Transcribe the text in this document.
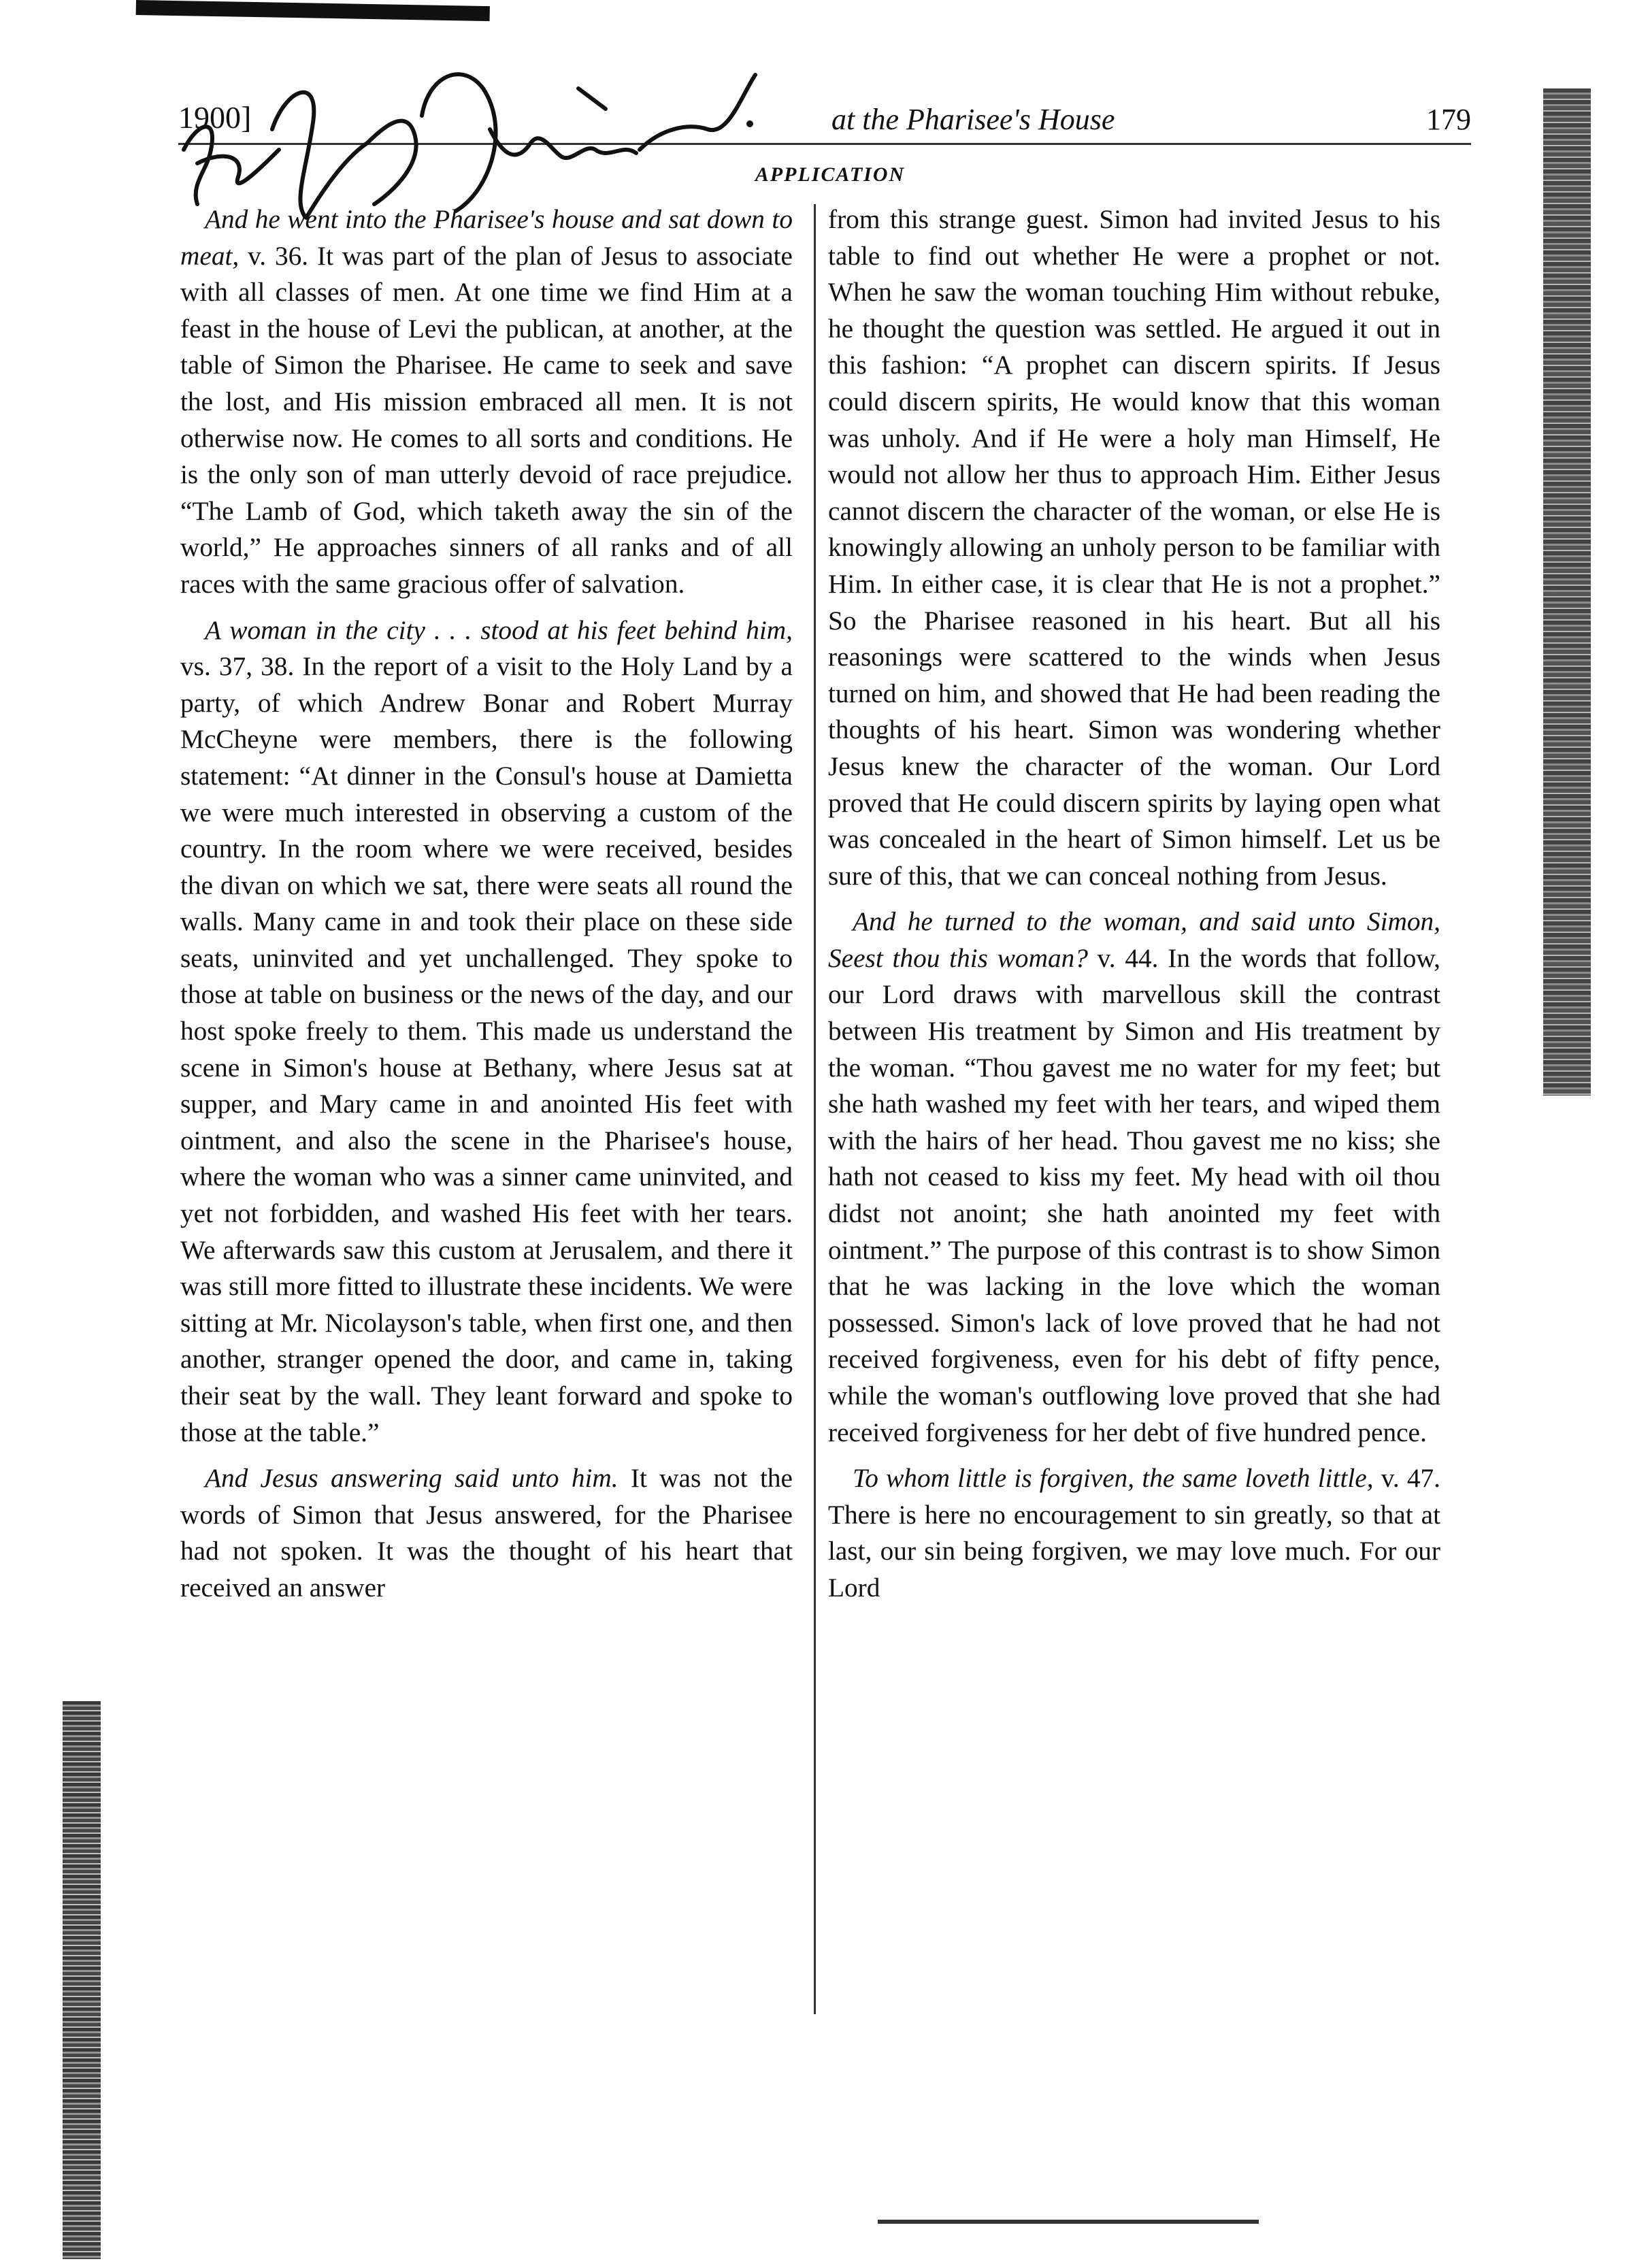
1900]	at the Pharisee's House	179
APPLICATION

And he went into the Pharisee's house and sat down to meat, v. 36. It was part of the plan of Jesus to associate with all classes of men. At one time we find Him at a feast in the house of Levi the publican, at another, at the table of Simon the Pharisee. He came to seek and save the lost, and His mission embraced all men. It is not otherwise now. He comes to all sorts and conditions. He is the only son of man utterly devoid of race prejudice. “The Lamb of God, which taketh away the sin of the world,” He approaches sinners of all ranks and of all races with the same gracious offer of salvation.

A woman in the city . . . stood at his feet behind him, vs. 37, 38. In the report of a visit to the Holy Land by a party, of which Andrew Bonar and Robert Murray McCheyne were members, there is the following statement: “At dinner in the Consul's house at Damietta we were much interested in observing a custom of the country. In the room where we were received, besides the divan on which we sat, there were seats all round the walls. Many came in and took their place on these side seats, uninvited and yet unchallenged. They spoke to those at table on business or the news of the day, and our host spoke freely to them. This made us understand the scene in Simon's house at Bethany, where Jesus sat at supper, and Mary came in and anointed His feet with ointment, and also the scene in the Pharisee's house, where the woman who was a sinner came uninvited, and yet not forbidden, and washed His feet with her tears. We afterwards saw this custom at Jerusalem, and there it was still more fitted to illustrate these incidents. We were sitting at Mr. Nicolayson's table, when first one, and then another, stranger opened the door, and came in, taking their seat by the wall. They leant forward and spoke to those at the table.”

And Jesus answering said unto him. It was not the words of Simon that Jesus answered, for the Pharisee had not spoken. It was the thought of his heart that received an answer

from this strange guest. Simon had invited Jesus to his table to find out whether He were a prophet or not. When he saw the woman touching Him without rebuke, he thought the question was settled. He argued it out in this fashion: “A prophet can discern spirits. If Jesus could discern spirits, He would know that this woman was unholy. And if He were a holy man Himself, He would not allow her thus to approach Him. Either Jesus cannot discern the character of the woman, or else He is knowingly allowing an unholy person to be familiar with Him. In either case, it is clear that He is not a prophet.” So the Pharisee reasoned in his heart. But all his reasonings were scattered to the winds when Jesus turned on him, and showed that He had been reading the thoughts of his heart. Simon was wondering whether Jesus knew the character of the woman. Our Lord proved that He could discern spirits by laying open what was concealed in the heart of Simon himself. Let us be sure of this, that we can conceal nothing from Jesus.

And he turned to the woman, and said unto Simon, Seest thou this woman? v. 44. In the words that follow, our Lord draws with marvellous skill the contrast between His treatment by Simon and His treatment by the woman. “Thou gavest me no water for my feet; but she hath washed my feet with her tears, and wiped them with the hairs of her head. Thou gavest me no kiss; she hath not ceased to kiss my feet. My head with oil thou didst not anoint; she hath anointed my feet with ointment.” The purpose of this contrast is to show Simon that he was lacking in the love which the woman possessed. Simon's lack of love proved that he had not received forgiveness, even for his debt of fifty pence, while the woman's outflowing love proved that she had received forgiveness for her debt of five hundred pence.

To whom little is forgiven, the same loveth little, v. 47. There is here no encouragement to sin greatly, so that at last, our sin being forgiven, we may love much. For our Lord
